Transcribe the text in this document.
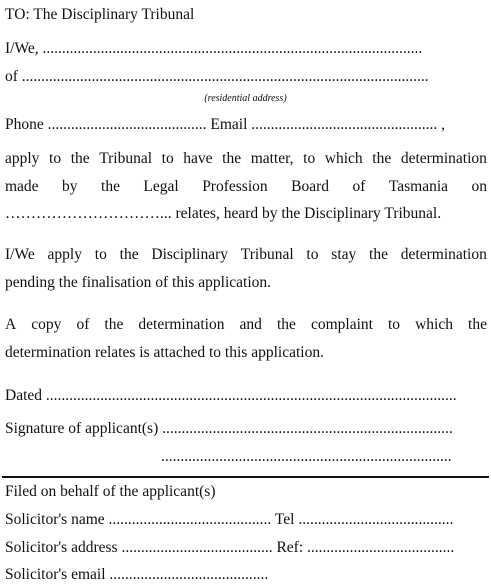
TO: The Disciplinary Tribunal
I/We, ..................................................................................................
of .........................................................................................................
(residential address)
Phone ......................................... Email ................................................ ,
apply to the Tribunal to have the matter, to which the determination
made by the Legal Profession Board of Tasmania on
…………………………... relates, heard by the Disciplinary Tribunal.
I/We apply to the Disciplinary Tribunal to stay the determination
pending the finalisation of this application.
A copy of the determination and the complaint to which the
determination relates is attached to this application.
Dated ..........................................................................................................
Signature of applicant(s) ...........................................................................
...........................................................................
Filed on behalf of the applicant(s)
Solicitor's name .......................................... Tel ........................................
Solicitor's address ....................................... Ref: ......................................
Solicitor's email .........................................
